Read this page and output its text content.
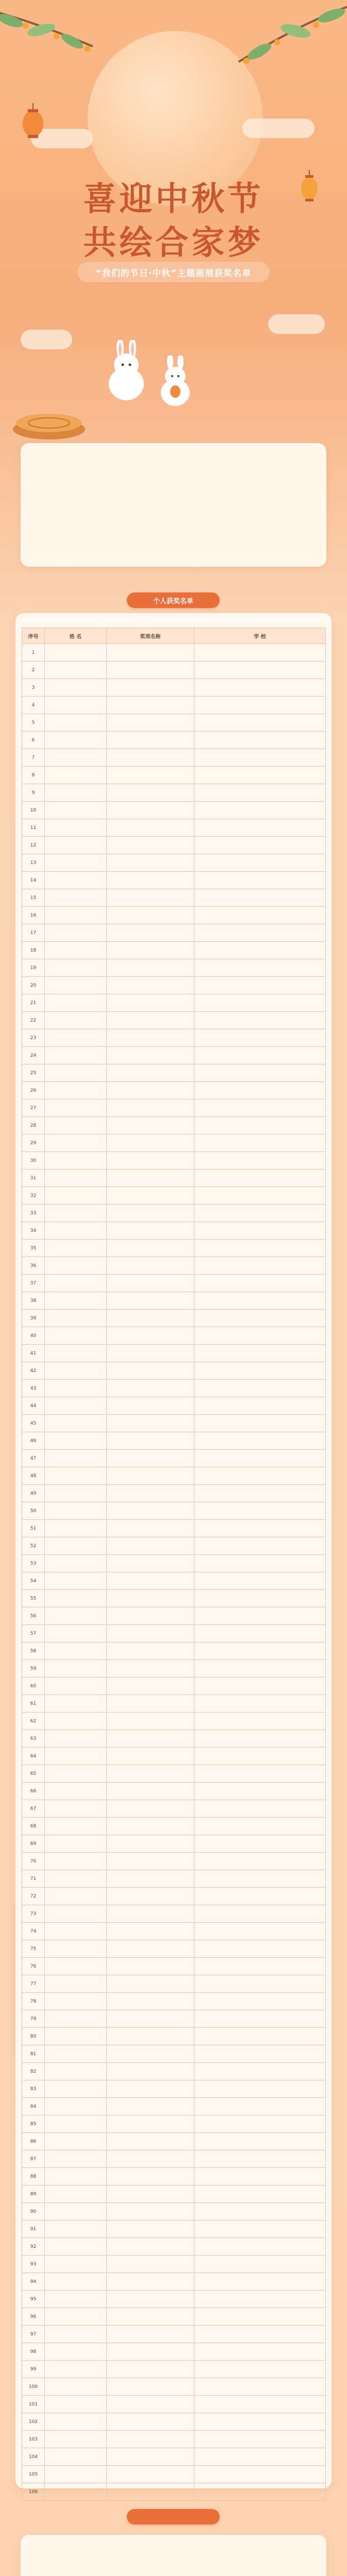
喜迎中秋节
共绘合家梦
“我们的节日·中秋”主题画展获奖名单
个人获奖名单
序号	姓 名	奖项名称	学 校
1			
2			
3			
4			
5			
6			
7			
8			
9			
10			
11			
12			
13			
14			
15			
16			
17			
18			
19			
20			
21			
22			
23			
24			
25			
26			
27			
28			
29			
30			
31			
32			
33			
34			
35			
36			
37			
38			
39			
40			
41			
42			
43			
44			
45			
46			
47			
48			
49			
50			
51			
52			
53			
54			
55			
56			
57			
58			
59			
60			
61			
62			
63			
64			
65			
66			
67			
68			
69			
70			
71			
72			
73			
74			
75			
76			
77			
78			
79			
80			
81			
82			
83			
84			
85			
86			
87			
88			
89			
90			
91			
92			
93			
94			
95			
96			
97			
98			
99			
100			
101			
102			
103			
104			
105			
106			
